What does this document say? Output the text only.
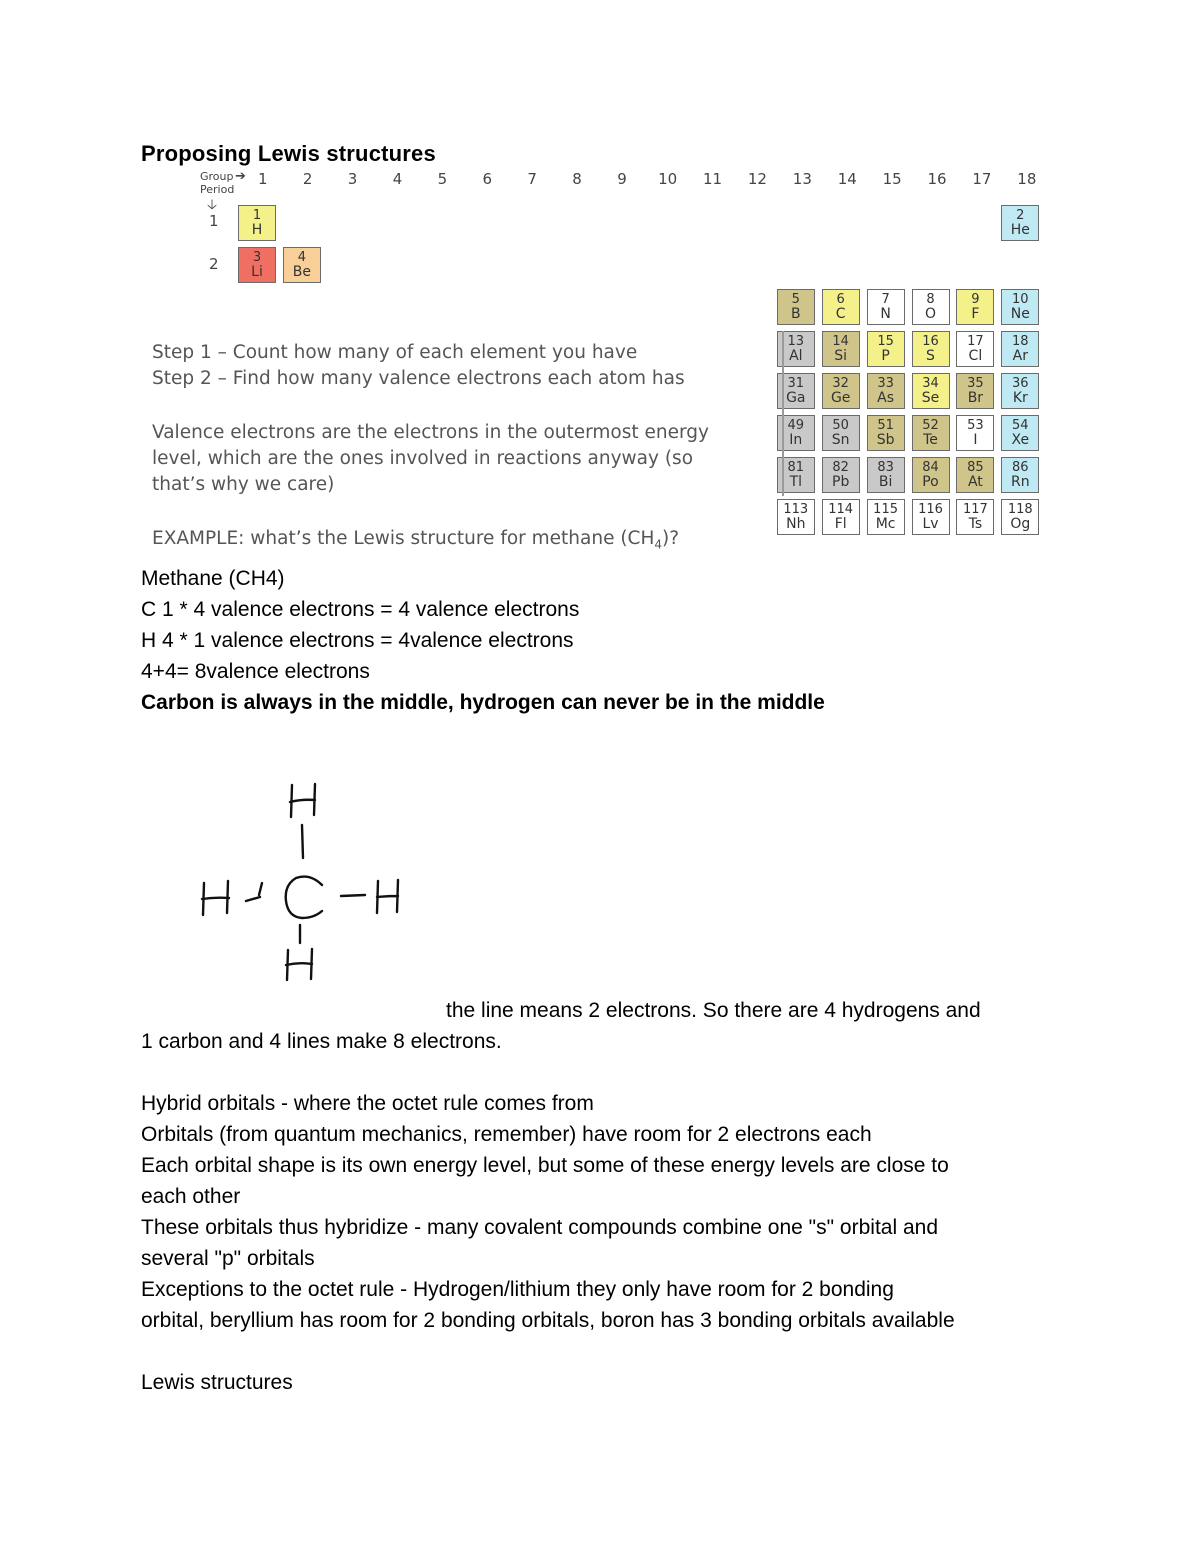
Proposing Lewis structures
Group
Period
➔
🡣
1
2
1 2 3 4 5 6 7 8 9 10 11 12 13 14 15 16 17 18
1
H
2
He
3
Li
4
Be
5
B
6
C
7
N
8
O
9
F
10
Ne
13
Al
14
Si
15
P
16
S
17
Cl
18
Ar
31
Ga
32
Ge
33
As
34
Se
35
Br
36
Kr
49
In
50
Sn
51
Sb
52
Te
53
I
54
Xe
81
Tl
82
Pb
83
Bi
84
Po
85
At
86
Rn
113
Nh
114
Fl
115
Mc
116
Lv
117
Ts
118
Og
Step 1 – Count how many of each element you have
Step 2 – Find how many valence electrons each atom has
Valence electrons are the electrons in the outermost energy
level, which are the ones involved in reactions anyway (so
that’s why we care)
EXAMPLE: what’s the Lewis structure for methane $(CH_4)$?
Methane (CH4)
C 1 * 4 valence electrons = 4 valence electrons
H 4 * 1 valence electrons = 4valence electrons
4+4= 8valence electrons
Carbon is always in the middle, hydrogen can never be in the middle
the line means 2 electrons. So there are 4 hydrogens and
1 carbon and 4 lines make 8 electrons.
Hybrid orbitals - where the octet rule comes from
Orbitals (from quantum mechanics, remember) have room for 2 electrons each
Each orbital shape is its own energy level, but some of these energy levels are close to
each other
These orbitals thus hybridize - many covalent compounds combine one "s" orbital and
several "p" orbitals
Exceptions to the octet rule - Hydrogen/lithium they only have room for 2 bonding
orbital, beryllium has room for 2 bonding orbitals, boron has 3 bonding orbitals available
Lewis structures
